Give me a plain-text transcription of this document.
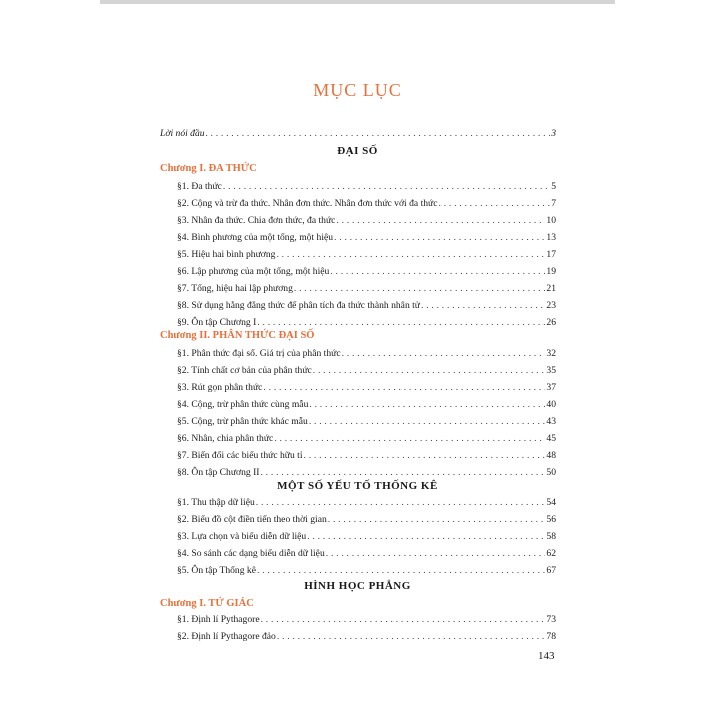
MỤC LỤC
Lời nói đầu . . .	3
ĐẠI SỐ
Chương I. ĐA THỨC
§1. Đa thức . . .	5
§2. Cộng và trừ đa thức. Nhân đơn thức. Nhân đơn thức với đa thức . . .	7
§3. Nhân đa thức. Chia đơn thức, đa thức . . .	10
§4. Bình phương của một tổng, một hiệu . . .	13
§5. Hiệu hai bình phương . . .	17
§6. Lập phương của một tổng, một hiệu . . .	19
§7. Tổng, hiệu hai lập phương . . .	21
§8. Sử dụng hằng đẳng thức để phân tích đa thức thành nhân tử . . .	23
§9. Ôn tập Chương I . . .	26
Chương II. PHÂN THỨC ĐẠI SỐ
§1. Phân thức đại số. Giá trị của phân thức . . .	32
§2. Tính chất cơ bản của phân thức . . .	35
§3. Rút gọn phân thức . . .	37
§4. Cộng, trừ phân thức cùng mẫu . . .	40
§5. Cộng, trừ phân thức khác mẫu . . .	43
§6. Nhân, chia phân thức . . .	45
§7. Biến đổi các biểu thức hữu tỉ . . .	48
§8. Ôn tập Chương II . . .	50
MỘT SỐ YẾU TỐ THỐNG KÊ
§1. Thu thập dữ liệu . . .	54
§2. Biểu đồ cột điền tiến theo thời gian . . .	56
§3. Lựa chọn và biểu diễn dữ liệu . . .	58
§4. So sánh các dạng biểu diễn dữ liệu . . .	62
§5. Ôn tập Thống kê . . .	67
HÌNH HỌC PHẲNG
Chương I. TỨ GIÁC
§1. Định lí Pythagore . . .	73
§2. Định lí Pythagore đảo . . .	78
143
